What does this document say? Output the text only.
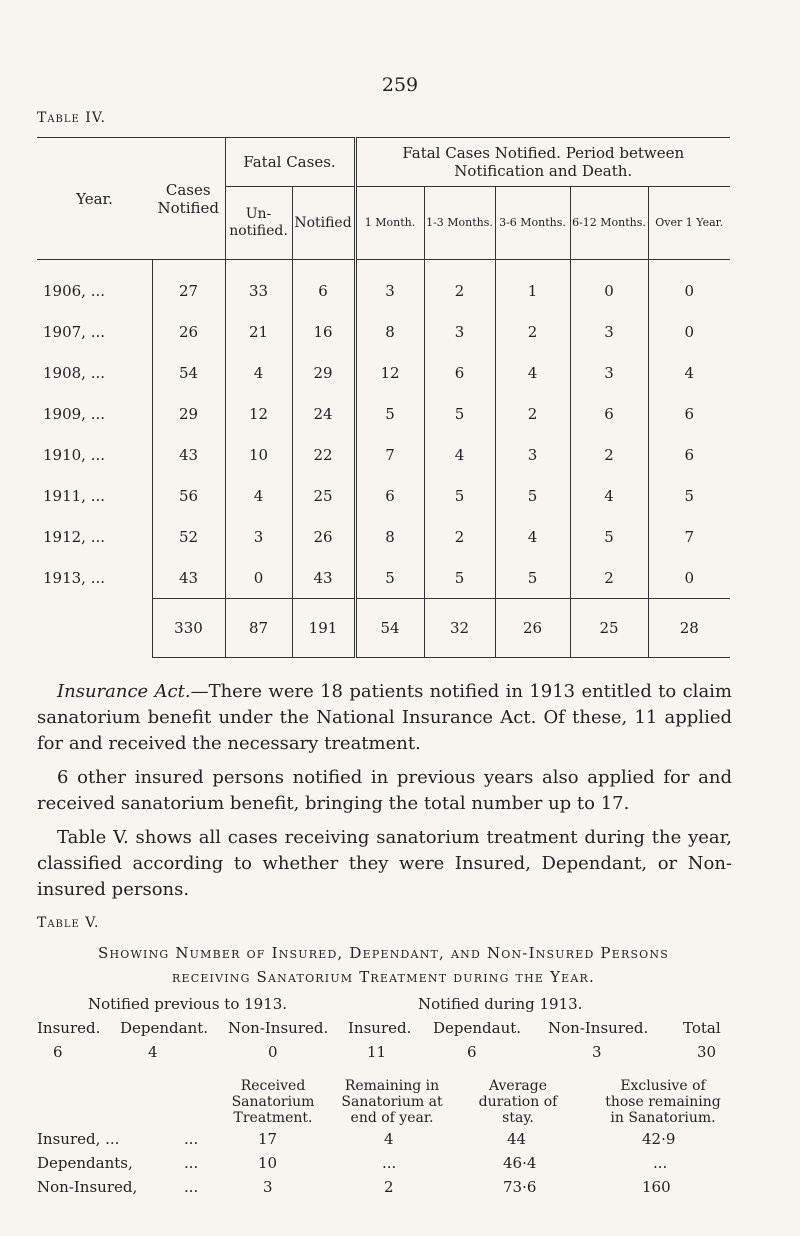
259
Table IV.
Year.	Cases Notified	Fatal Cases.		Fatal Cases Notified. Period between Notification and Death.				
		Un-notified.	Notified	1 Month.	1-3 Months.	3-6 Months.	6-12 Months.	Over 1 Year.
1906, ...	27	33	6	3	2	1	0	0
1907, ...	26	21	16	8	3	2	3	0
1908, ...	54	4	29	12	6	4	3	4
1909, ...	29	12	24	5	5	2	6	6
1910, ...	43	10	22	7	4	3	2	6
1911, ...	56	4	25	6	5	5	4	5
1912, ...	52	3	26	8	2	4	5	7
1913, ...	43	0	43	5	5	5	2	0
	330	87	191	54	32	26	25	28

Insurance Act.—There were 18 patients notified in 1913 entitled to claim sanatorium benefit under the National Insurance Act. Of these, 11 applied for and received the necessary treatment.

6 other insured persons notified in previous years also applied for and received sanatorium benefit, bringing the total number up to 17.

Table V. shows all cases receiving sanatorium treatment during the year, classified according to whether they were Insured, Dependant, or Non-insured persons.

Table V.
Showing Number of Insured, Dependant, and Non-Insured Persons
receiving Sanatorium Treatment during the Year.
Notified previous to 1913.	Notified during 1913.
Insured. Dependant. Non-Insured. Insured. Dependaut. Non-Insured. Total
6	4	0	11	6	3	30
Received
Sanatorium
Treatment.
Remaining in
Sanatorium at
end of year.
Average
duration of
stay.
Exclusive of
those remaining
in Sanatorium.
Insured, ...	...	17	4	44	42·9
Dependants,	...	10	...	46·4	...
Non-Insured,	...	3	2	73·6	160
